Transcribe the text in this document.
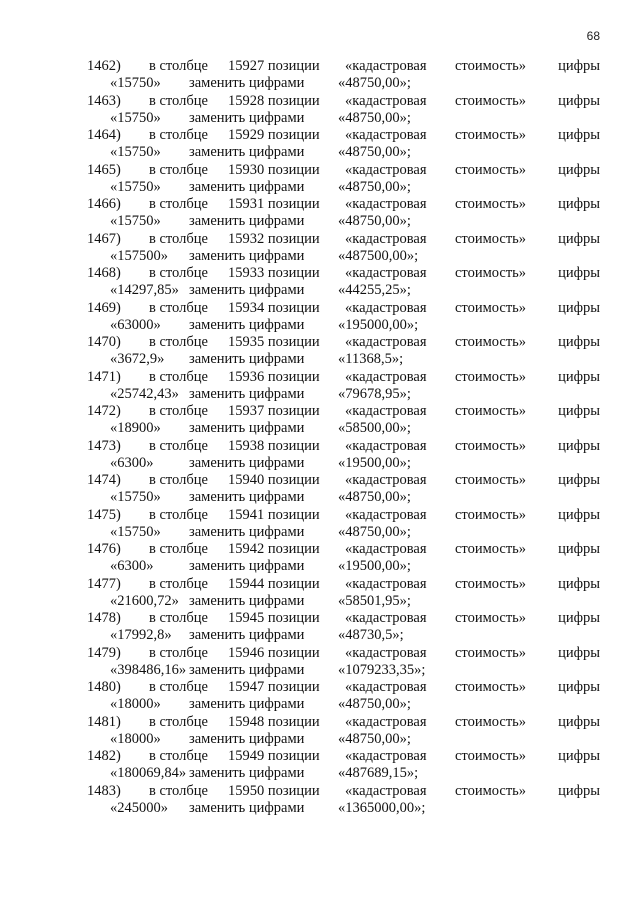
68
1462) в столбце 15927 позиции «кадастровая стоимость» цифры
«15750» заменить цифрами «48750,00»;
1463) в столбце 15928 позиции «кадастровая стоимость» цифры
«15750» заменить цифрами «48750,00»;
1464) в столбце 15929 позиции «кадастровая стоимость» цифры
«15750» заменить цифрами «48750,00»;
1465) в столбце 15930 позиции «кадастровая стоимость» цифры
«15750» заменить цифрами «48750,00»;
1466) в столбце 15931 позиции «кадастровая стоимость» цифры
«15750» заменить цифрами «48750,00»;
1467) в столбце 15932 позиции «кадастровая стоимость» цифры
«157500» заменить цифрами «487500,00»;
1468) в столбце 15933 позиции «кадастровая стоимость» цифры
«14297,85» заменить цифрами «44255,25»;
1469) в столбце 15934 позиции «кадастровая стоимость» цифры
«63000» заменить цифрами «195000,00»;
1470) в столбце 15935 позиции «кадастровая стоимость» цифры
«3672,9» заменить цифрами «11368,5»;
1471) в столбце 15936 позиции «кадастровая стоимость» цифры
«25742,43» заменить цифрами «79678,95»;
1472) в столбце 15937 позиции «кадастровая стоимость» цифры
«18900» заменить цифрами «58500,00»;
1473) в столбце 15938 позиции «кадастровая стоимость» цифры
«6300» заменить цифрами «19500,00»;
1474) в столбце 15940 позиции «кадастровая стоимость» цифры
«15750» заменить цифрами «48750,00»;
1475) в столбце 15941 позиции «кадастровая стоимость» цифры
«15750» заменить цифрами «48750,00»;
1476) в столбце 15942 позиции «кадастровая стоимость» цифры
«6300» заменить цифрами «19500,00»;
1477) в столбце 15944 позиции «кадастровая стоимость» цифры
«21600,72» заменить цифрами «58501,95»;
1478) в столбце 15945 позиции «кадастровая стоимость» цифры
«17992,8» заменить цифрами «48730,5»;
1479) в столбце 15946 позиции «кадастровая стоимость» цифры
«398486,16» заменить цифрами «1079233,35»;
1480) в столбце 15947 позиции «кадастровая стоимость» цифры
«18000» заменить цифрами «48750,00»;
1481) в столбце 15948 позиции «кадастровая стоимость» цифры
«18000» заменить цифрами «48750,00»;
1482) в столбце 15949 позиции «кадастровая стоимость» цифры
«180069,84» заменить цифрами «487689,15»;
1483) в столбце 15950 позиции «кадастровая стоимость» цифры
«245000» заменить цифрами «1365000,00»;
